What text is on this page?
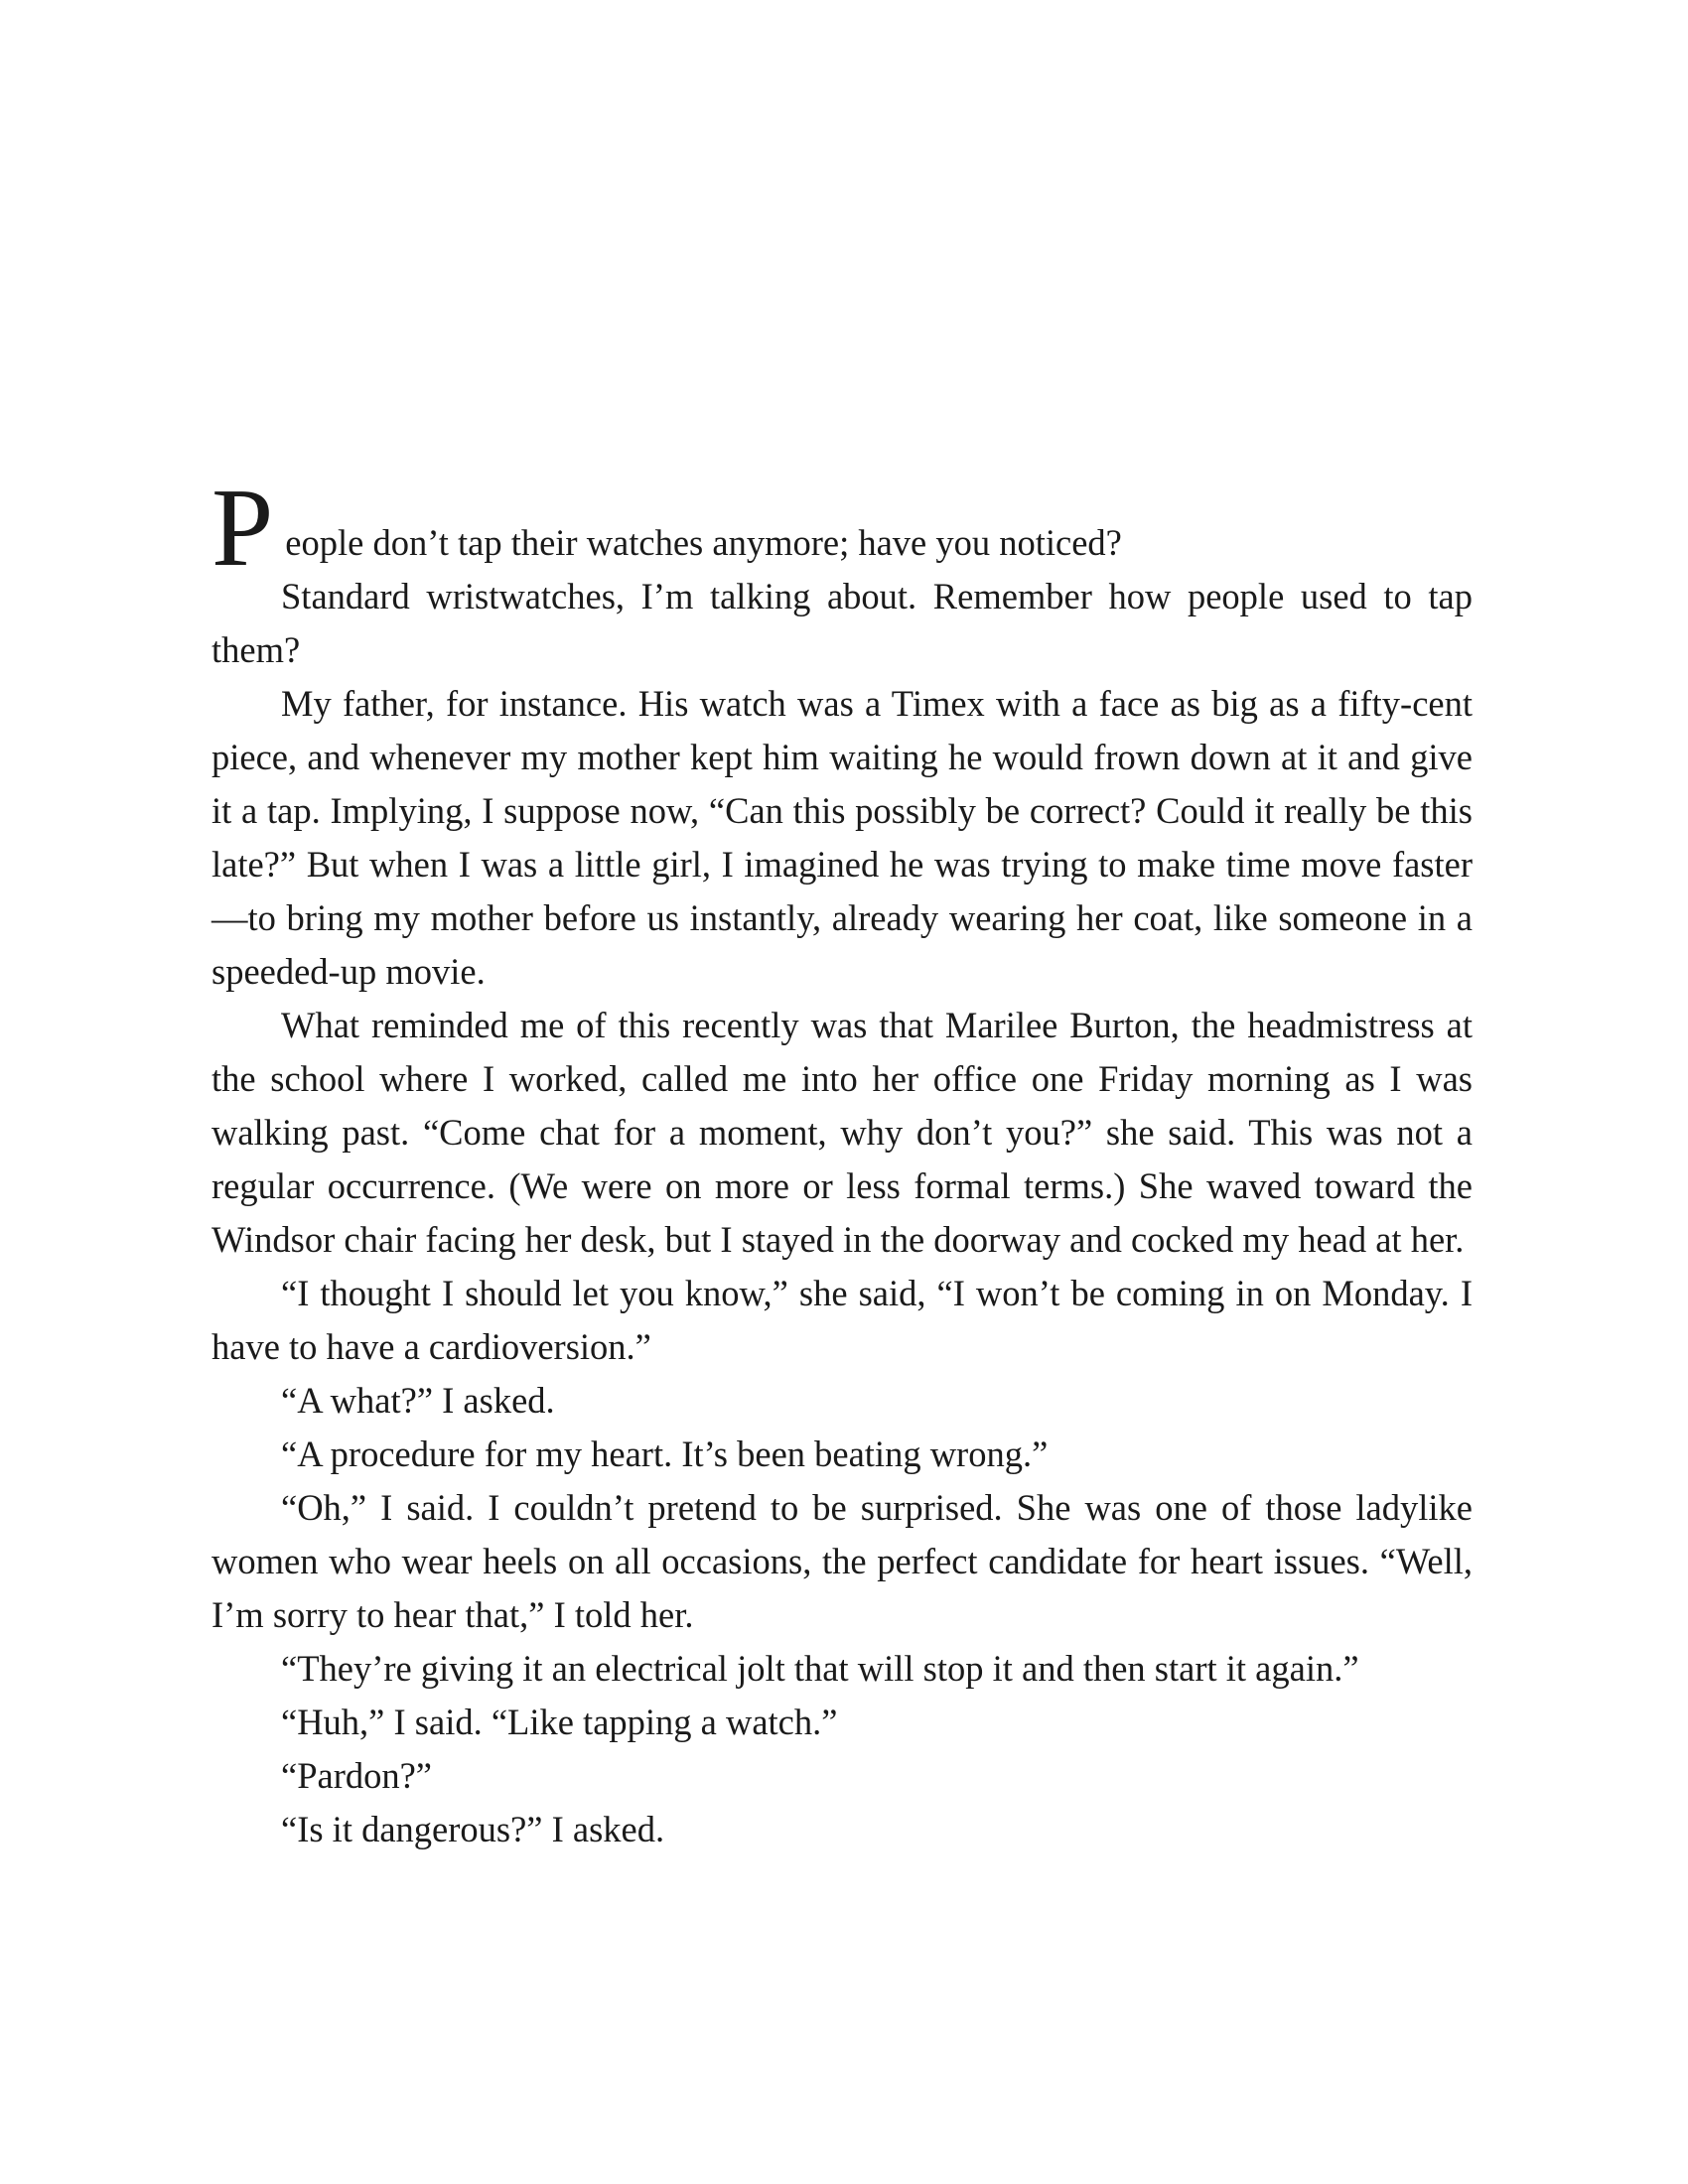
People don’t tap their watches anymore; have you noticed?

Standard wristwatches, I’m talking about. Remember how people used to tap them?

My father, for instance. His watch was a Timex with a face as big as a fifty-cent piece, and whenever my mother kept him waiting he would frown down at it and give it a tap. Implying, I suppose now, “Can this possibly be correct? Could it really be this late?” But when I was a little girl, I imagined he was trying to make time move faster—to bring my mother before us instantly, already wearing her coat, like someone in a speeded-up movie.

What reminded me of this recently was that Marilee Burton, the headmistress at the school where I worked, called me into her office one Friday morning as I was walking past. “Come chat for a moment, why don’t you?” she said. This was not a regular occurrence. (We were on more or less formal terms.) She waved toward the Windsor chair facing her desk, but I stayed in the doorway and cocked my head at her.

“I thought I should let you know,” she said, “I won’t be coming in on Monday. I have to have a cardioversion.”

“A what?” I asked.

“A procedure for my heart. It’s been beating wrong.”

“Oh,” I said. I couldn’t pretend to be surprised. She was one of those ladylike women who wear heels on all occasions, the perfect candidate for heart issues. “Well, I’m sorry to hear that,” I told her.

“They’re giving it an electrical jolt that will stop it and then start it again.”

“Huh,” I said. “Like tapping a watch.”

“Pardon?”

“Is it dangerous?” I asked.
